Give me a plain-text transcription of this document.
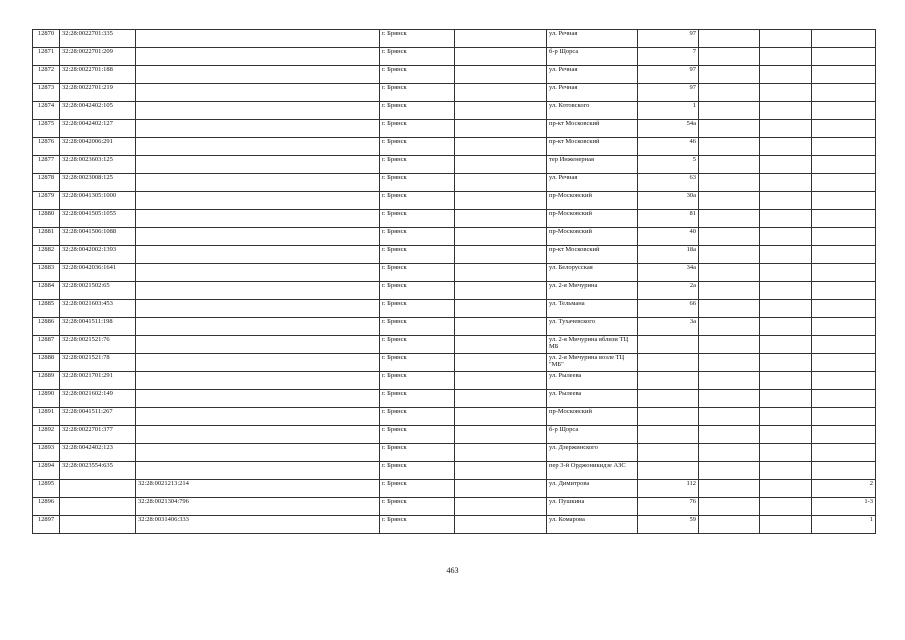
12870	32:28:0022701:335		г. Брянск		ул. Речная	97			
12871	32:28:0022701:209		г. Брянск		б-р Щорса	7			
12872	32:28:0022701:188		г. Брянск		ул. Речная	97			
12873	32:28:0022701:219		г. Брянск		ул. Речная	97			
12874	32:28:0042402:105		г. Брянск		ул. Котовского	1			
12875	32:28:0042402:127		г. Брянск		пр-кт Московский	54а			
12876	32:28:0042006:291		г. Брянск		пр-кт Московский	46			
12877	32:28:0023603:125		г. Брянск		тер Инженерная	5			
12878	32:28:0023008:125		г. Брянск		ул. Речная	63			
12879	32:28:0041305:1000		г. Брянск		пр-Московский	30а			
12880	32:28:0041505:1055		г. Брянск		пр-Московский	81			
12881	32:28:0041506:1088		г. Брянск		пр-Московский	40			
12882	32:28:0042002:1393		г. Брянск		пр-кт Московский	18а			
12883	32:28:0042036:1641		г. Брянск		ул. Белорусская	34а			
12884	32:28:0021502:65		г. Брянск		ул. 2-я Мичурина	2а			
12885	32:28:0021603:453		г. Брянск		ул. Тельмана	66			
12886	32:28:0041511:198		г. Брянск		ул. Тухачевского	3а			
12887	32:28:0021521:76		г. Брянск		ул. 2-я Мичурина вблизи ТЦ МБ				
12888	32:28:0021521:78		г. Брянск		ул. 2-я Мичурина возле ТЦ "МБ"				
12889	32:28:0021701:291		г. Брянск		ул. Рылеева				
12890	32:28:0021602:149		г. Брянск		ул. Рылеева				
12891	32:28:0041511:267		г. Брянск		пр-Московский				
12892	32:28:0022701:377		г. Брянск		б-р Щорса				
12893	32:28:0042402:123		г. Брянск		ул. Дзержинского				
12894	32:28:0023554:635		г. Брянск		пер 3-й Орджоникидзе АЗС				
12895		32:28:0021213:214	г. Брянск		ул. Димитрова	112			2
12896		32:28:0021304:796	г. Брянск		ул. Пушкина	76			1-3
12897		32:28:0031406:333	г. Брянск		ул. Комарова	59			1
463
